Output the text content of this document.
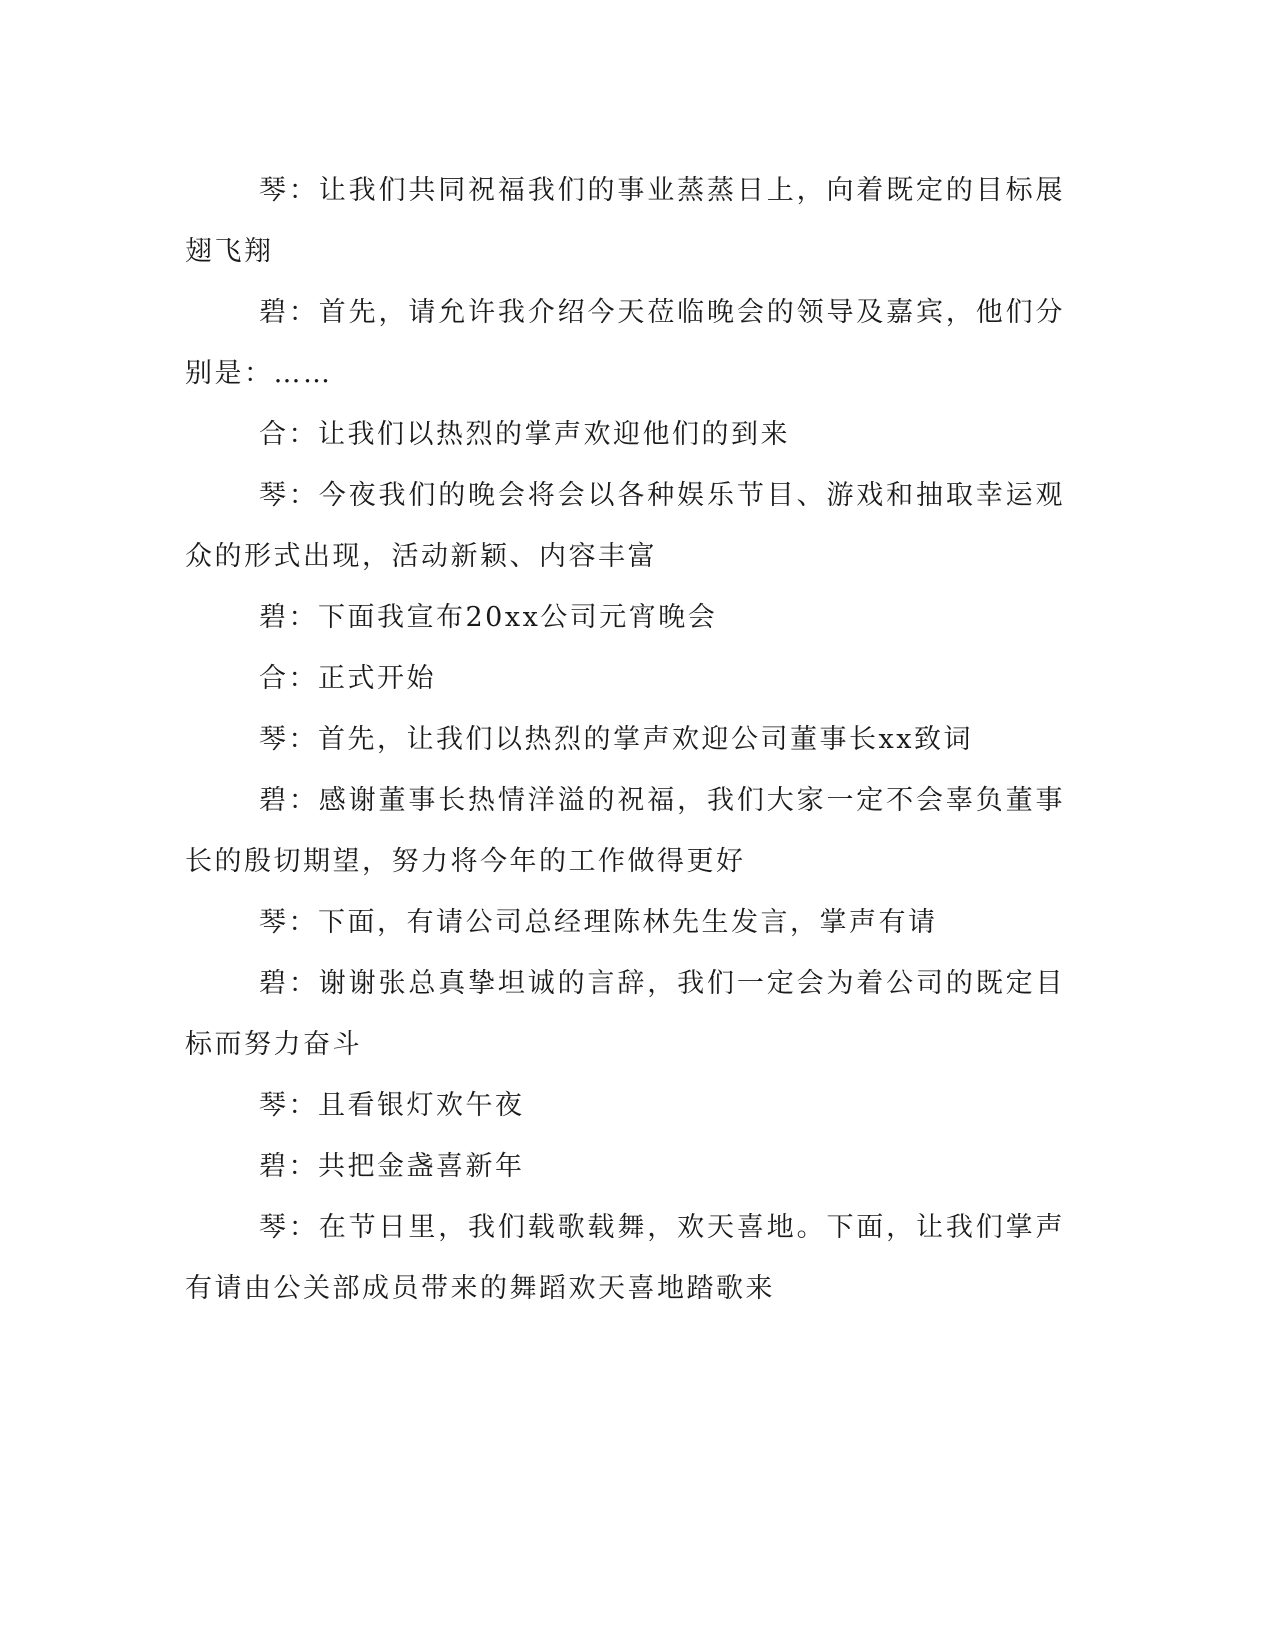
琴：让我们共同祝福我们的事业蒸蒸日上，向着既定的目标展翅飞翔

碧：首先，请允许我介绍今天莅临晚会的领导及嘉宾，他们分别是：……

合：让我们以热烈的掌声欢迎他们的到来

琴：今夜我们的晚会将会以各种娱乐节目、游戏和抽取幸运观众的形式出现，活动新颖、内容丰富

碧：下面我宣布20xx公司元宵晚会

合：正式开始

琴：首先，让我们以热烈的掌声欢迎公司董事长xx致词

碧：感谢董事长热情洋溢的祝福，我们大家一定不会辜负董事长的殷切期望，努力将今年的工作做得更好

琴：下面，有请公司总经理陈林先生发言，掌声有请

碧：谢谢张总真挚坦诚的言辞，我们一定会为着公司的既定目标而努力奋斗

琴：且看银灯欢午夜

碧：共把金盏喜新年

琴：在节日里，我们载歌载舞，欢天喜地。下面，让我们掌声有请由公关部成员带来的舞蹈欢天喜地踏歌来
